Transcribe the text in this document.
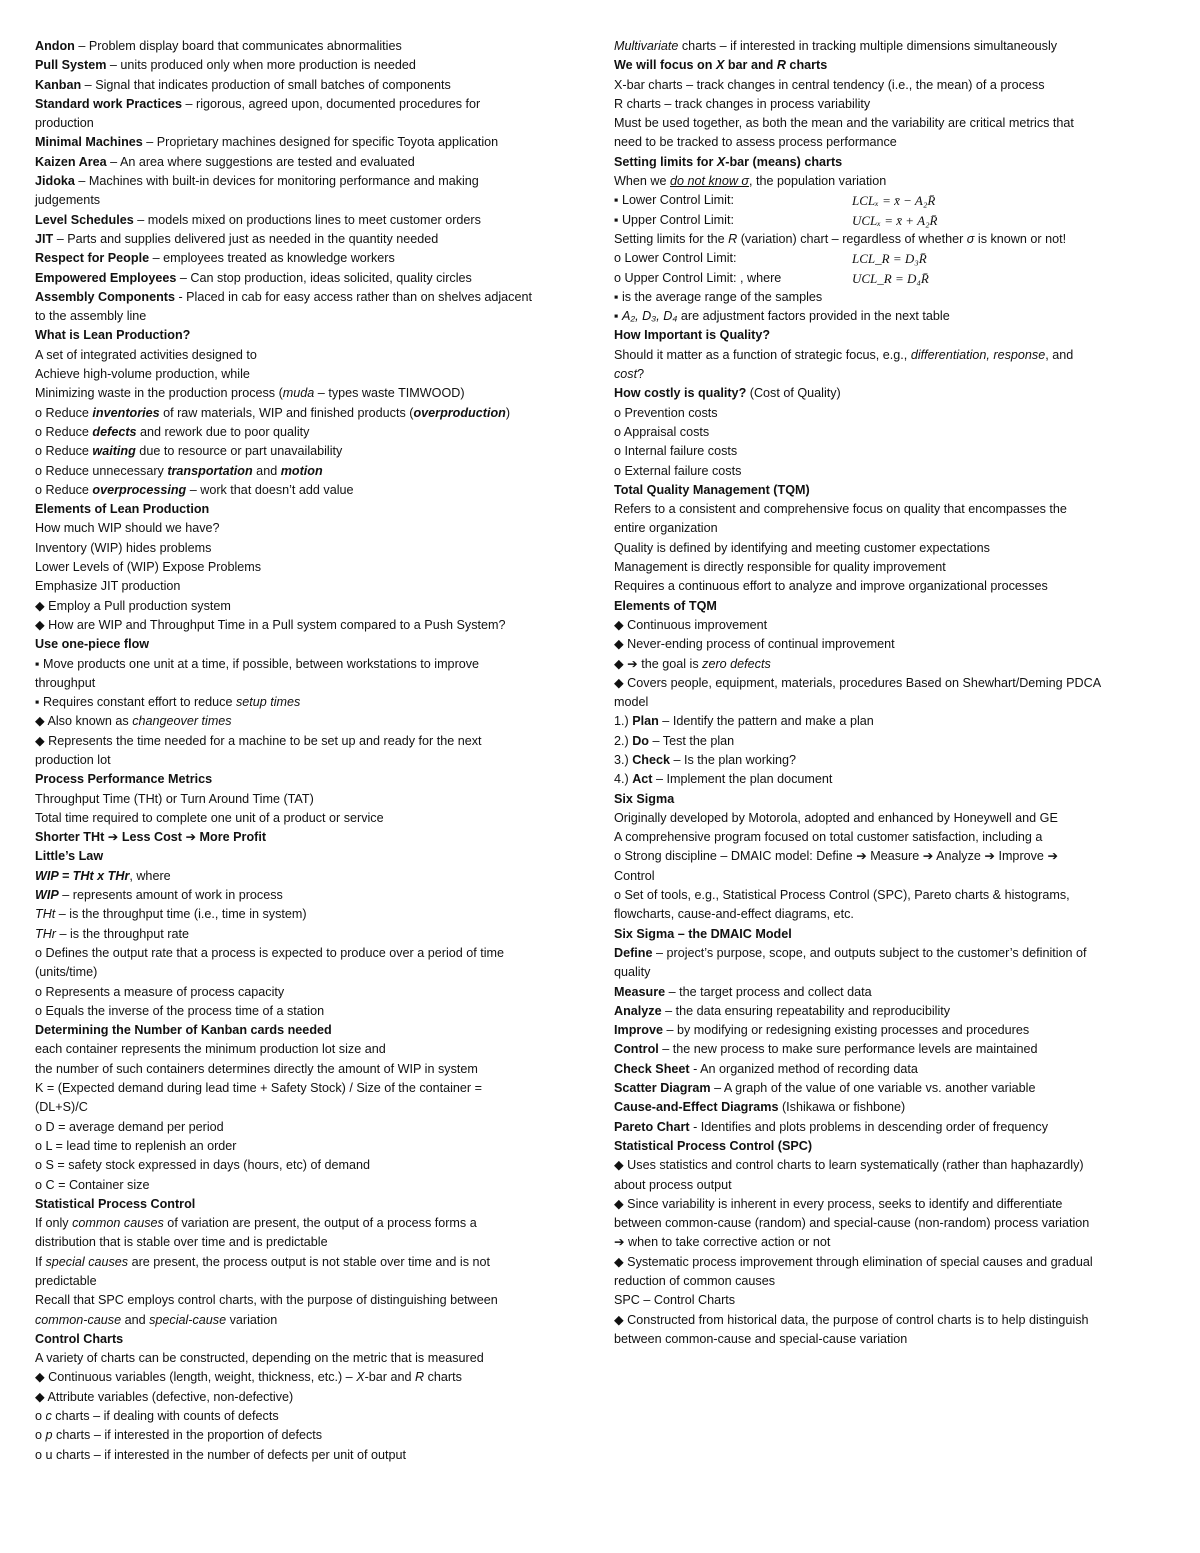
Andon – Problem display board that communicates abnormalities
Pull System – units produced only when more production is needed
Kanban – Signal that indicates production of small batches of components
Standard work Practices – rigorous, agreed upon, documented procedures for
production
Minimal Machines – Proprietary machines designed for specific Toyota application
Kaizen Area – An area where suggestions are tested and evaluated
Jidoka – Machines with built-in devices for monitoring performance and making
judgements
Level Schedules – models mixed on productions lines to meet customer orders
JIT – Parts and supplies delivered just as needed in the quantity needed
Respect for People – employees treated as knowledge workers
Empowered Employees – Can stop production, ideas solicited, quality circles
Assembly Components - Placed in cab for easy access rather than on shelves adjacent
to the assembly line
What is Lean Production?
A set of integrated activities designed to
Achieve high-volume production, while
Minimizing waste in the production process (muda – types waste TIMWOOD)
o Reduce inventories of raw materials, WIP and finished products (overproduction)
o Reduce defects and rework due to poor quality
o Reduce waiting due to resource or part unavailability
o Reduce unnecessary transportation and motion
o Reduce overprocessing – work that doesn’t add value
Elements of Lean Production
How much WIP should we have?
Inventory (WIP) hides problems
Lower Levels of (WIP) Expose Problems
Emphasize JIT production
◆ Employ a Pull production system
◆ How are WIP and Throughput Time in a Pull system compared to a Push System?
Use one-piece flow
▪ Move products one unit at a time, if possible, between workstations to improve
throughput
▪ Requires constant effort to reduce setup times
◆ Also known as changeover times
◆ Represents the time needed for a machine to be set up and ready for the next
production lot
Process Performance Metrics
Throughput Time (THt) or Turn Around Time (TAT)
Total time required to complete one unit of a product or service
Shorter THt ➔ Less Cost ➔ More Profit
Little’s Law
WIP = THt x THr, where
WIP – represents amount of work in process
THt – is the throughput time (i.e., time in system)
THr – is the throughput rate
o Defines the output rate that a process is expected to produce over a period of time
(units/time)
o Represents a measure of process capacity
o Equals the inverse of the process time of a station
Determining the Number of Kanban cards needed
each container represents the minimum production lot size and
the number of such containers determines directly the amount of WIP in system
K = (Expected demand during lead time + Safety Stock) / Size of the container =
(DL+S)/C
o D = average demand per period
o L = lead time to replenish an order
o S = safety stock expressed in days (hours, etc) of demand
o C = Container size
Statistical Process Control
If only common causes of variation are present, the output of a process forms a
distribution that is stable over time and is predictable
If special causes are present, the process output is not stable over time and is not
predictable
Recall that SPC employs control charts, with the purpose of distinguishing between
common-cause and special-cause variation
Control Charts
A variety of charts can be constructed, depending on the metric that is measured
◆ Continuous variables (length, weight, thickness, etc.) – X-bar and R charts
◆ Attribute variables (defective, non-defective)
o c charts – if dealing with counts of defects
o p charts – if interested in the proportion of defects
o u charts – if interested in the number of defects per unit of output
Multivariate charts – if interested in tracking multiple dimensions simultaneously
We will focus on X bar and R charts
X-bar charts – track changes in central tendency (i.e., the mean) of a process
R charts – track changes in process variability
Must be used together, as both the mean and the variability are critical metrics that
need to be tracked to assess process performance
Setting limits for X-bar (means) charts
When we do not know σ, the population variation
▪ Lower Control Limit:	LCLₓ = x̄ − A₂R̄
▪ Upper Control Limit:	UCLₓ = x̄ + A₂R̄
Setting limits for the R (variation) chart – regardless of whether σ is known or not!
o Lower Control Limit:	LCL_R = D₃R̄
o Upper Control Limit: , where	UCL_R = D₄R̄
▪ is the average range of the samples
▪ A₂, D₃, D₄ are adjustment factors provided in the next table
How Important is Quality?
Should it matter as a function of strategic focus, e.g., differentiation, response, and
cost?
How costly is quality? (Cost of Quality)
o Prevention costs
o Appraisal costs
o Internal failure costs
o External failure costs
Total Quality Management (TQM)
Refers to a consistent and comprehensive focus on quality that encompasses the
entire organization
Quality is defined by identifying and meeting customer expectations
Management is directly responsible for quality improvement
Requires a continuous effort to analyze and improve organizational processes
Elements of TQM
◆ Continuous improvement
◆ Never-ending process of continual improvement
◆ ➔ the goal is zero defects
◆ Covers people, equipment, materials, procedures Based on Shewhart/Deming PDCA
model
1.) Plan – Identify the pattern and make a plan
2.) Do – Test the plan
3.) Check – Is the plan working?
4.) Act – Implement the plan document
Six Sigma
Originally developed by Motorola, adopted and enhanced by Honeywell and GE
A comprehensive program focused on total customer satisfaction, including a
o Strong discipline – DMAIC model: Define ➔ Measure ➔ Analyze ➔ Improve ➔
Control
o Set of tools, e.g., Statistical Process Control (SPC), Pareto charts & histograms,
flowcharts, cause-and-effect diagrams, etc.
Six Sigma – the DMAIC Model
Define – project’s purpose, scope, and outputs subject to the customer’s definition of
quality
Measure – the target process and collect data
Analyze – the data ensuring repeatability and reproducibility
Improve – by modifying or redesigning existing processes and procedures
Control – the new process to make sure performance levels are maintained
Check Sheet - An organized method of recording data
Scatter Diagram – A graph of the value of one variable vs. another variable
Cause-and-Effect Diagrams (Ishikawa or fishbone)
Pareto Chart - Identifies and plots problems in descending order of frequency
Statistical Process Control (SPC)
◆ Uses statistics and control charts to learn systematically (rather than haphazardly)
about process output
◆ Since variability is inherent in every process, seeks to identify and differentiate
between common-cause (random) and special-cause (non-random) process variation
➔ when to take corrective action or not
◆ Systematic process improvement through elimination of special causes and gradual
reduction of common causes
SPC – Control Charts
◆ Constructed from historical data, the purpose of control charts is to help distinguish
between common-cause and special-cause variation
